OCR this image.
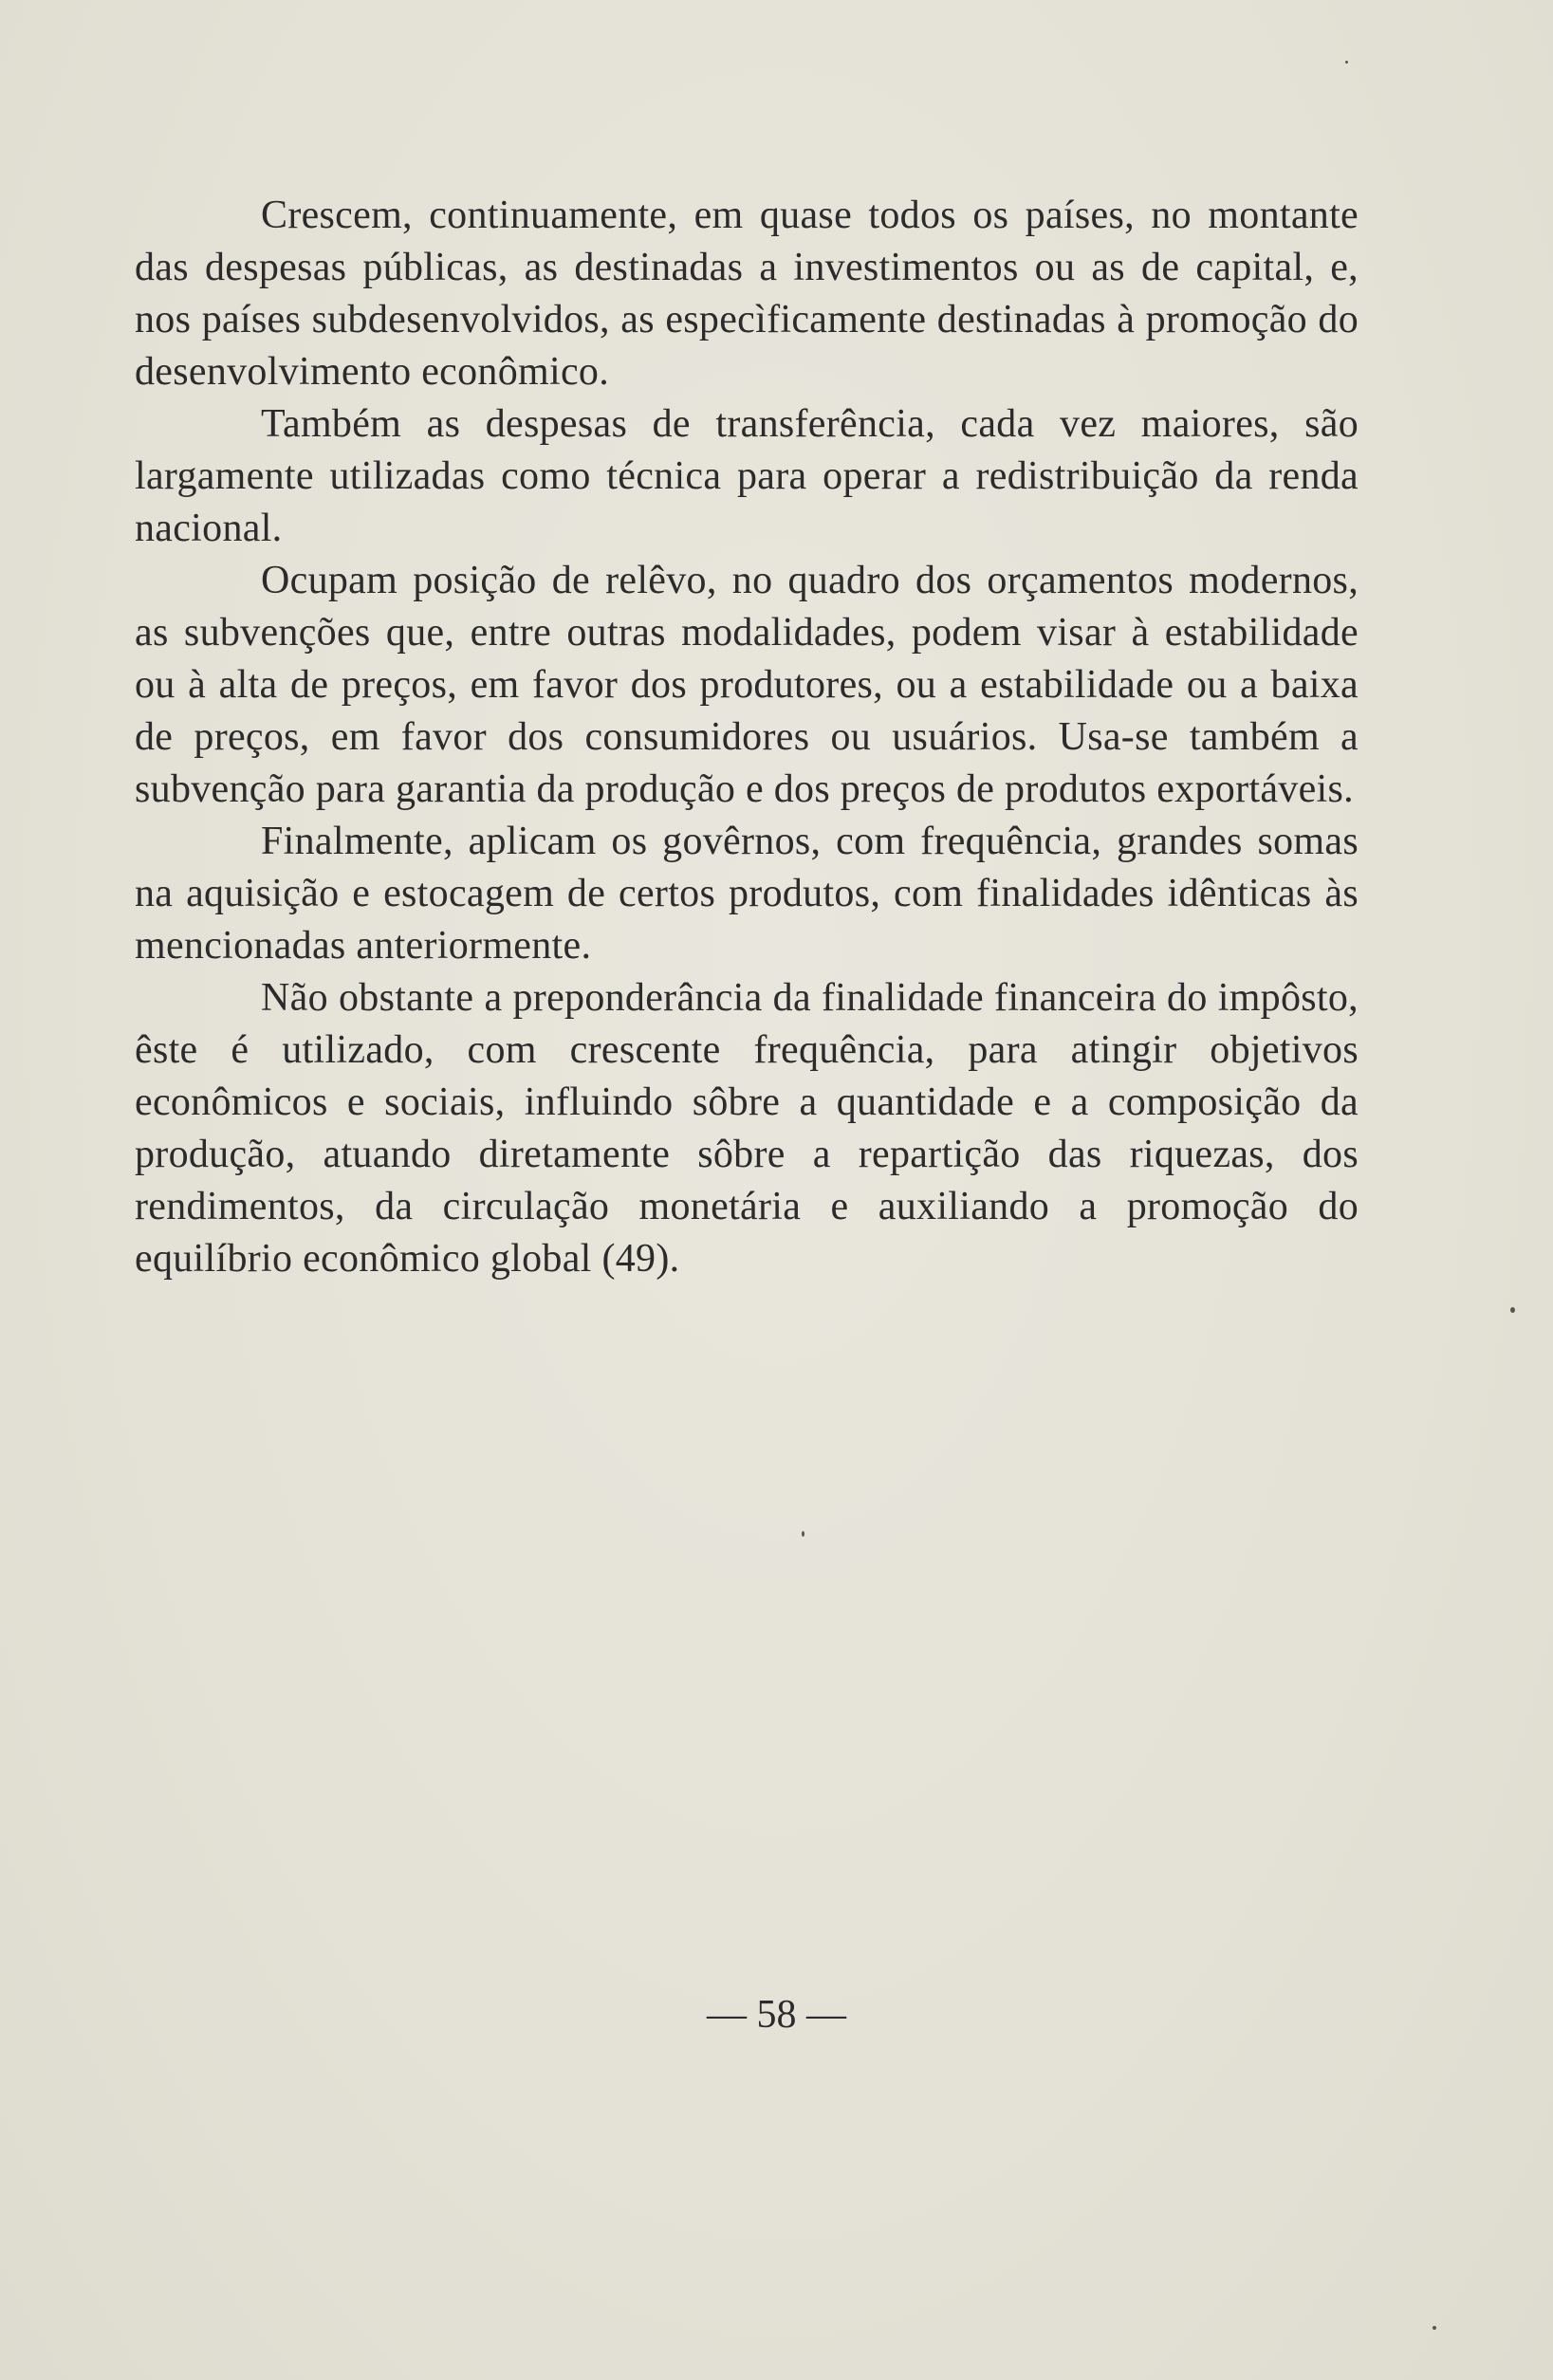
Crescem, continuamente, em quase todos os países, no montante das despesas públicas, as destinadas a investimentos ou as de capital, e, nos países subdesenvolvidos, as especìficamente destinadas à promoção do desenvolvimento econômico.

Também as despesas de transferência, cada vez maiores, são largamente utilizadas como técnica para operar a redistribuição da renda nacional.

Ocupam posição de relêvo, no quadro dos orçamentos modernos, as subvenções que, entre outras modalidades, podem visar à estabilidade ou à alta de preços, em favor dos produtores, ou a estabilidade ou a baixa de preços, em favor dos consumidores ou usuários. Usa-se também a subvenção para garantia da produção e dos preços de produtos exportáveis.

Finalmente, aplicam os govêrnos, com frequência, grandes somas na aquisição e estocagem de certos produtos, com finalidades idênticas às mencionadas anteriormente.

Não obstante a preponderância da finalidade financeira do impôsto, êste é utilizado, com crescente frequência, para atingir objetivos econômicos e sociais, influindo sôbre a quantidade e a composição da produção, atuando diretamente sôbre a repartição das riquezas, dos rendimentos, da circulação monetária e auxiliando a promoção do equilíbrio econômico global (49).

— 58 —
